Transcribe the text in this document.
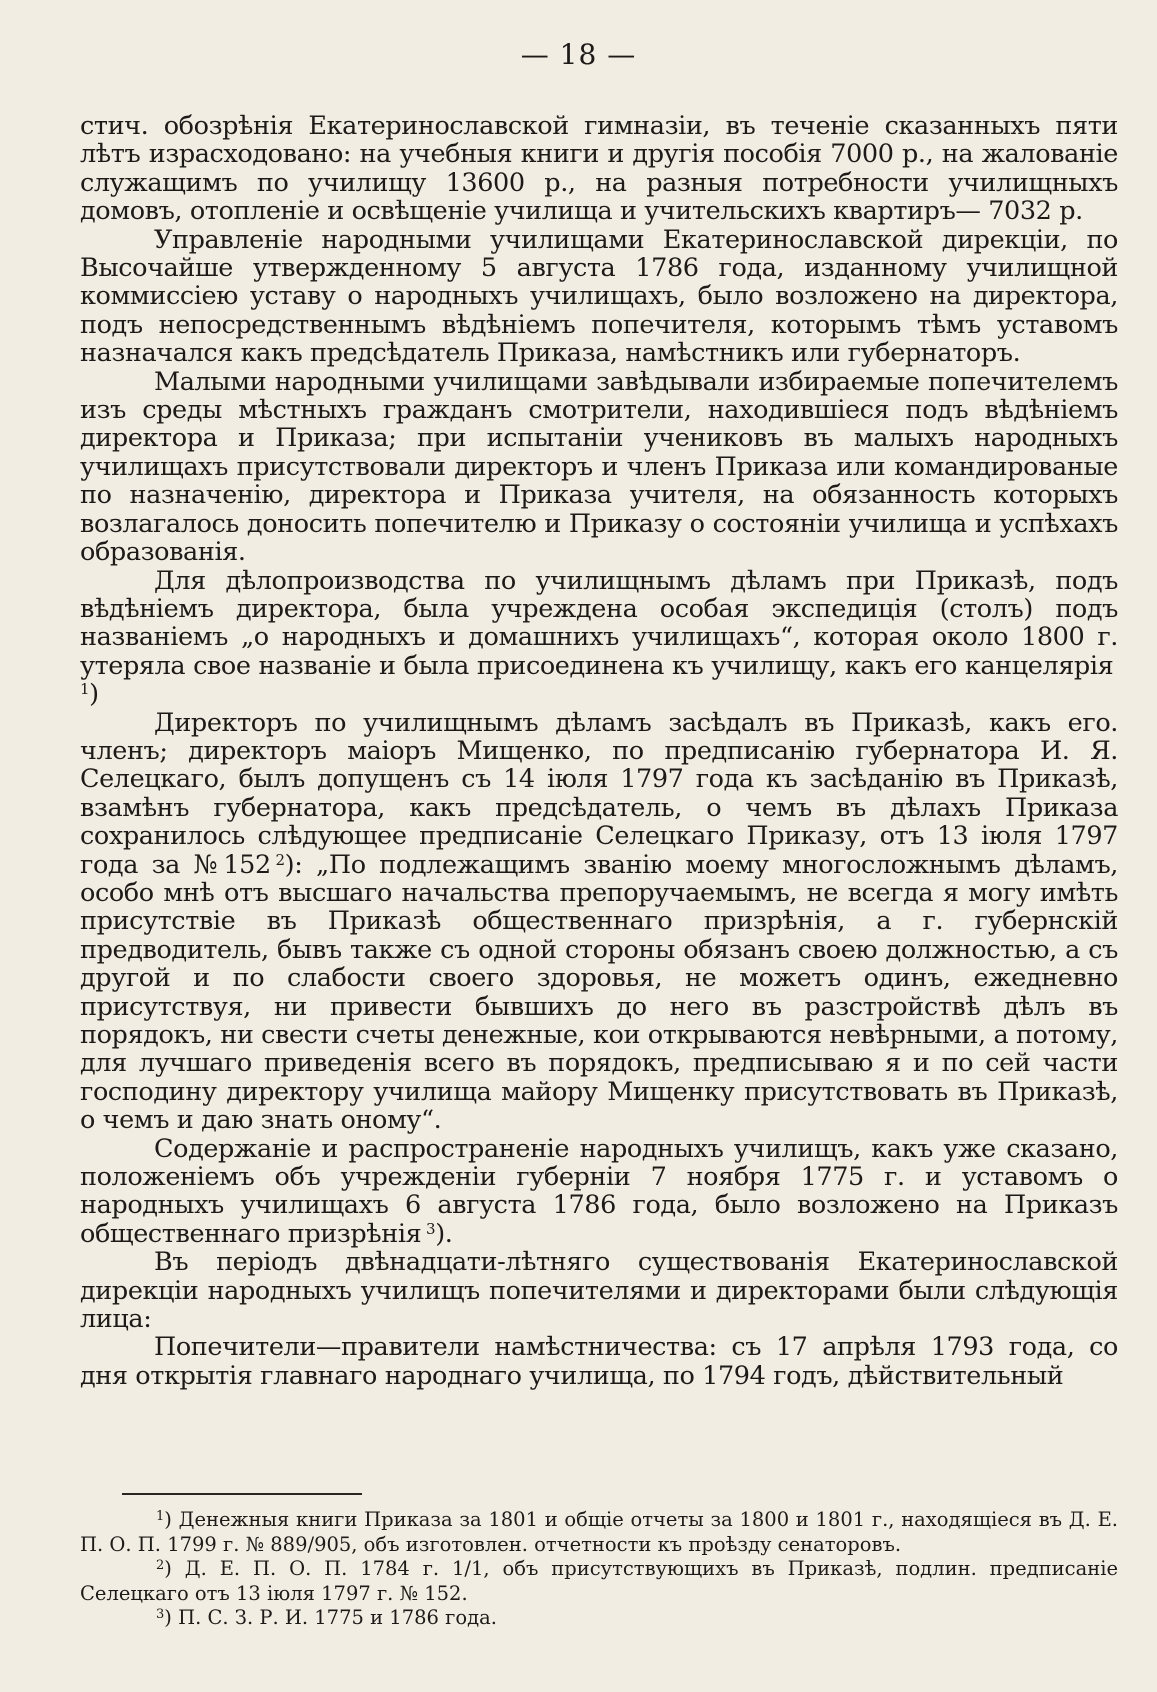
— 18 —

стич. обозрѣнія Екатеринославской гимназіи, въ теченіе сказанныхъ пяти лѣтъ израсходовано: на учебныя книги и другія пособія 7000 р., на жалованіе служащимъ по училищу 13600 р., на разныя потребности училищныхъ домовъ, отопленіе и освѣщеніе училища и учительскихъ квартиръ— 7032 р.

Управленіе народными училищами Екатеринославской дирекціи, по Высочайше утвержденному 5 августа 1786 года, изданному училищной коммиссіею уставу о народныхъ училищахъ, было возложено на директора, подъ непосредственнымъ вѣдѣніемъ попечителя, которымъ тѣмъ уставомъ назначался какъ предсѣдатель Приказа, намѣстникъ или губернаторъ.

Малыми народными училищами завѣдывали избираемые попечителемъ изъ среды мѣстныхъ гражданъ смотрители, находившіеся подъ вѣдѣніемъ директора и Приказа; при испытаніи учениковъ въ малыхъ народныхъ училищахъ присутствовали директоръ и членъ Приказа или командированые по назначенію, директора и Приказа учителя, на обязанность которыхъ возлагалось доносить попечителю и Приказу о состояніи училища и успѣхахъ образованія.

Для дѣлопроизводства по училищнымъ дѣламъ при Приказѣ, подъ вѣдѣніемъ директора, была учреждена особая экспедиція (столъ) подъ названіемъ „о народныхъ и домашнихъ училищахъ“, которая около 1800 г. утеряла свое названіе и была присоединена къ училищу, какъ его канцелярія $^1$)

Директоръ по училищнымъ дѣламъ засѣдалъ въ Приказѣ, какъ его. членъ; директоръ маіоръ Мищенко, по предписанію губернатора И. Я. Селецкаго, былъ допущенъ съ 14 іюля 1797 года къ засѣданію въ Приказѣ, взамѣнъ губернатора, какъ предсѣдатель, о чемъ въ дѣлахъ Приказа сохранилось слѣдующее предписаніе Селецкаго Приказу, отъ 13 іюля 1797 года за №152  $^2$): „По подлежащимъ званію моему многосложнымъ дѣламъ, особо мнѣ отъ высшаго начальства препоручаемымъ, не всегда я могу имѣть присутствіе въ Приказѣ общественнаго призрѣнія, а г. губернскій предводитель, бывъ также съ одной стороны обязанъ своею должностью, а съ другой и по слабости своего здоровья, не можетъ одинъ, ежедневно присутствуя, ни привести бывшихъ до него въ разстройствѣ дѣлъ въ порядокъ, ни свести счеты денежные, кои открываются невѣрными, а потому, для лучшаго приведенія всего въ порядокъ, предписываю я и по сей части господину директору училища майору Мищенку присутствовать въ Приказѣ, о чемъ и даю знать оному“.

Содержаніе и распространеніе народныхъ училищъ, какъ уже сказано, положеніемъ объ учрежденіи губерніи 7 ноября 1775 г. и уставомъ о народныхъ училищахъ 6 августа 1786 года, было возложено на Приказъ общественнаго призрѣнія  $^3$).

Въ періодъ двѣнадцати-лѣтняго существованія Екатеринославской дирекціи народныхъ училищъ попечителями и директорами были слѣдующія лица:

Попечители—правители намѣстничества: съ 17 апрѣля 1793 года, со дня открытія главнаго народнаго училища, по 1794 годъ, дѣйствительный

$^1$) Денежныя книги Приказа за 1801 и общіе отчеты за 1800 и 1801 г., находящіеся въ Д. Е. П. О. П. 1799 г. № 889/905, объ изготовлен. отчетности къ проѣзду сенаторовъ.

$^2$) Д. Е. П. О. П. 1784 г. 1/1, объ присутствующихъ въ Приказѣ, подлин. предписаніе Селецкаго отъ 13 іюля 1797 г. № 152.

$^3$) П. С. З. Р. И. 1775 и 1786 года.
